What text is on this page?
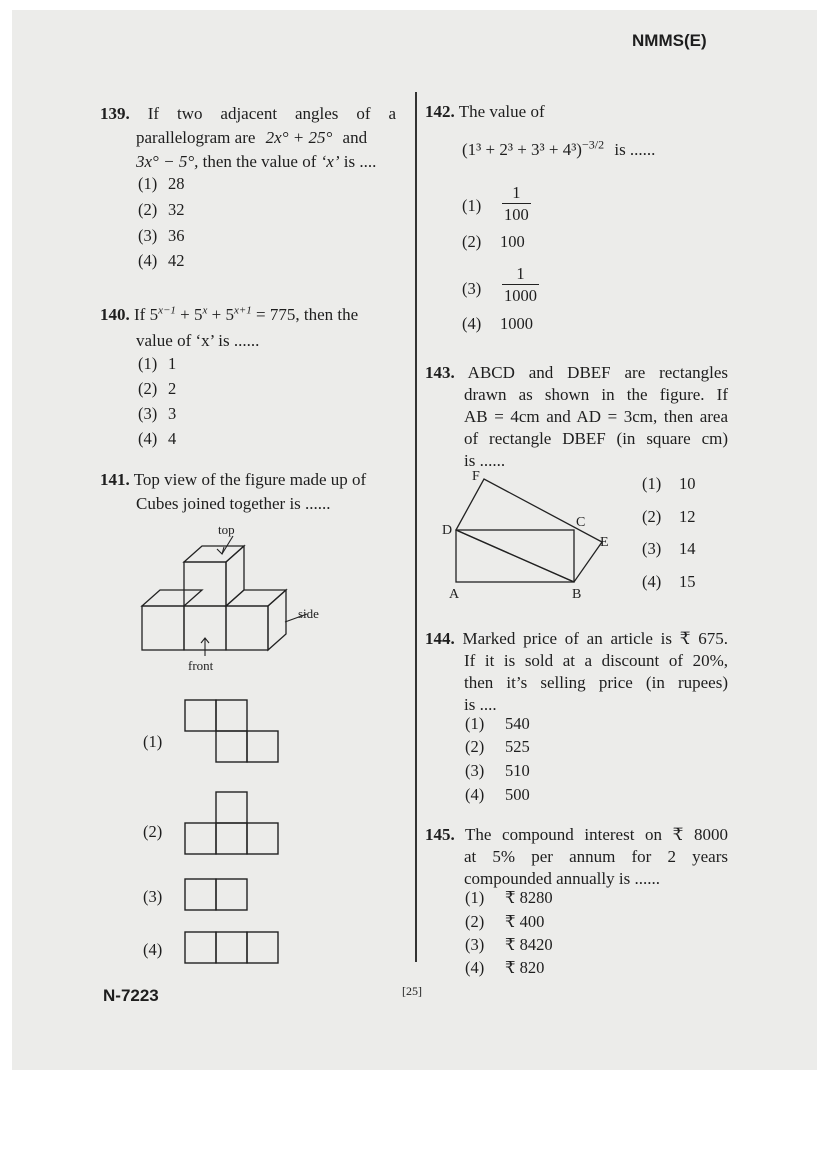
NMMS(E)
N-7223	[25]
139. If two adjacent angles of a
parallelogram are 2x° + 25° and
3x° − 5°, then the value of ‘x’ is ....
(1) 28
(2) 32
(3) 36
(4) 42
140. If $5^{x-1} + 5^x + 5^{x+1} = 775$, then the
value of ‘x’ is ......
(1) 1
(2) 2
(3) 3
(4) 4
141. Top view of the figure made up of
Cubes joined together is ......
top
side
front
(1)
(2)
(3)
(4)
142. The value of
$(1^3 + 2^3 + 3^3 + 4^3)^{-3/2}$ is ......
(1)	$\frac{1}{100}$
(2) 100
(3)	$\frac{1}{1000}$
(4) 1000
143. ABCD and DBEF are rectangles
drawn as shown in the figure. If
AB = 4cm and AD = 3cm, then area
of rectangle DBEF (in square cm)
is ......
A	B
C
D
E
F	(1) 10
(2) 12
(3) 14
(4) 15
144. Marked price of an article is ₹ 675.
If it is sold at a discount of 20%,
then it’s selling price (in rupees)
is ....
(1) 540
(2) 525
(3) 510
(4) 500
145. The compound interest on ₹ 8000
at 5% per annum for 2 years
compounded annually is ......
(1) ₹ 8280
(2) ₹ 400
(3) ₹ 8420
(4) ₹ 820
